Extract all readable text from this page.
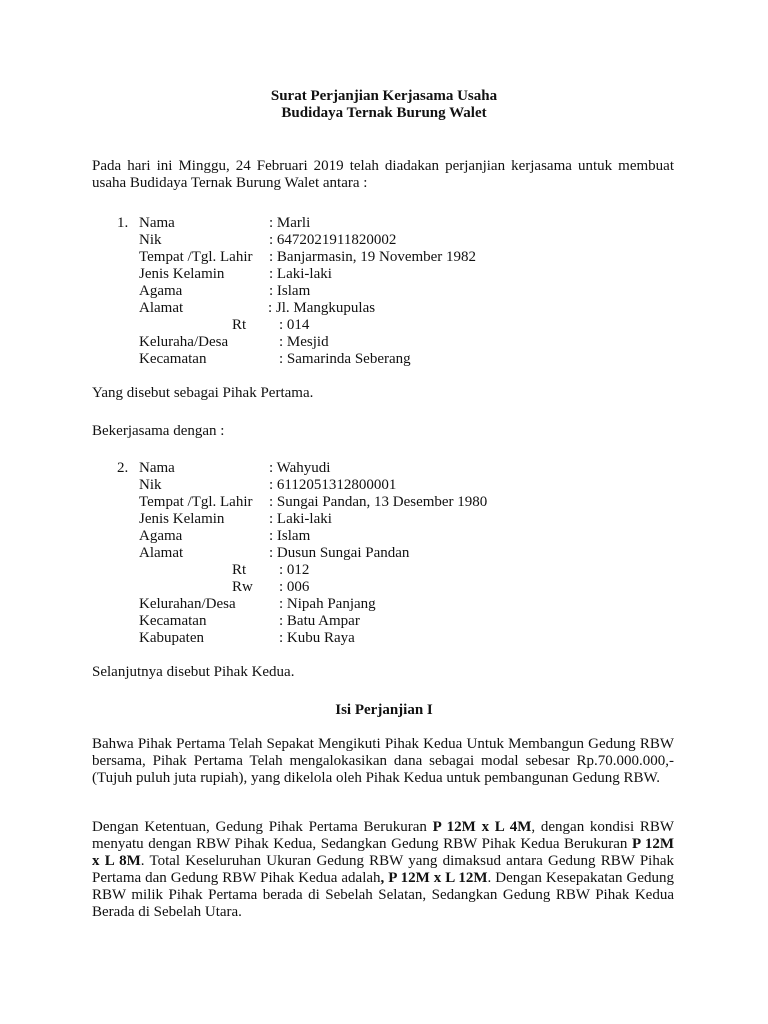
Surat Perjanjian Kerjasama Usaha
Budidaya Ternak Burung Walet
Pada hari ini Minggu, 24 Februari 2019 telah diadakan perjanjian kerjasama untuk membuat usaha Budidaya Ternak Burung Walet antara :
1. Nama	: Marli
Nik	: 6472021911820002
Tempat /Tgl. Lahir : Banjarmasin, 19 November 1982
Jenis Kelamin	: Laki-laki
Agama	: Islam
Alamat	: Jl. Mangkupulas
Rt : 014
Keluraha/Desa	: Mesjid
Kecamatan	: Samarinda Seberang
Yang disebut sebagai Pihak Pertama.
Bekerjasama dengan :
2. Nama	: Wahyudi
Nik	: 6112051312800001
Tempat /Tgl. Lahir : Sungai Pandan, 13 Desember 1980
Jenis Kelamin	: Laki-laki
Agama	: Islam
Alamat	: Dusun Sungai Pandan
Rt : 012
Rw : 006
Kelurahan/Desa	: Nipah Panjang
Kecamatan	: Batu Ampar
Kabupaten	: Kubu Raya
Selanjutnya disebut Pihak Kedua.
Isi Perjanjian I
Bahwa Pihak Pertama Telah Sepakat Mengikuti Pihak Kedua Untuk Membangun Gedung RBW bersama, Pihak Pertama Telah mengalokasikan dana sebagai modal sebesar Rp.70.000.000,- (Tujuh puluh juta rupiah), yang dikelola oleh Pihak Kedua untuk pembangunan Gedung RBW.
Dengan Ketentuan, Gedung Pihak Pertama Berukuran P 12M x L 4M, dengan kondisi RBW menyatu dengan RBW Pihak Kedua, Sedangkan Gedung RBW Pihak Kedua Berukuran P 12M x L 8M. Total Keseluruhan Ukuran Gedung RBW yang dimaksud antara Gedung RBW Pihak Pertama dan Gedung RBW Pihak Kedua adalah, P 12M x L 12M. Dengan Kesepakatan Gedung RBW milik Pihak Pertama berada di Sebelah Selatan, Sedangkan Gedung RBW Pihak Kedua Berada di Sebelah Utara.
